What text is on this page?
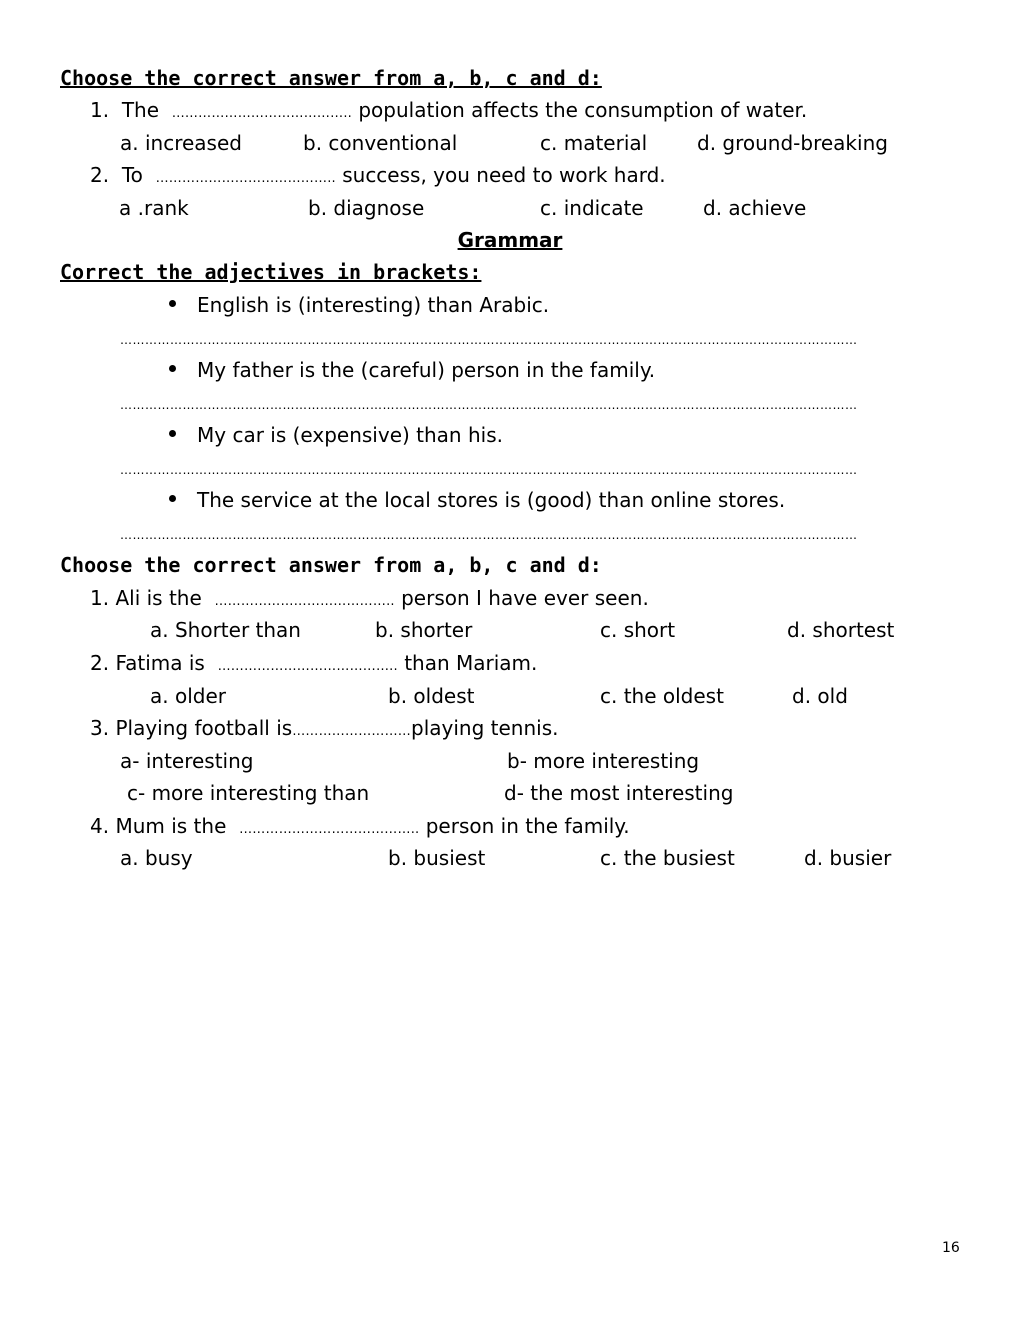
Choose the correct answer from a, b, c and d:
1. The ………………………………….. population affects the consumption of water.
a. increased	b. conventional	c. material d. ground-breaking
2. To ………………………………….. success, you need to work hard.
a .rank	b. diagnose	c. indicate	d. achieve
Grammar
Correct the adjectives in brackets:
English is (interesting) than Arabic.
……………………………………………………………………………………………………………………………………………………………
My father is the (careful) person in the family.
……………………………………………………………………………………………………………………………………………………………
My car is (expensive) than his.
……………………………………………………………………………………………………………………………………………………………
The service at the local stores is (good) than online stores.
……………………………………………………………………………………………………………………………………………………………
Choose the correct answer from a, b, c and d:
1. Ali is the ………………………………….. person I have ever seen.
a. Shorter than	b. shorter	c. short	d. shortest
2. Fatima is ………………………………….. than Mariam.
a. older	b. oldest	c. the oldest	d. old
3. Playing football is………………………playing tennis.
a- interesting	b- more interesting
c- more interesting than	d- the most interesting
4. Mum is the ………………………………….. person in the family.
a. busy	b. busiest	c. the busiest	d. busier
16
